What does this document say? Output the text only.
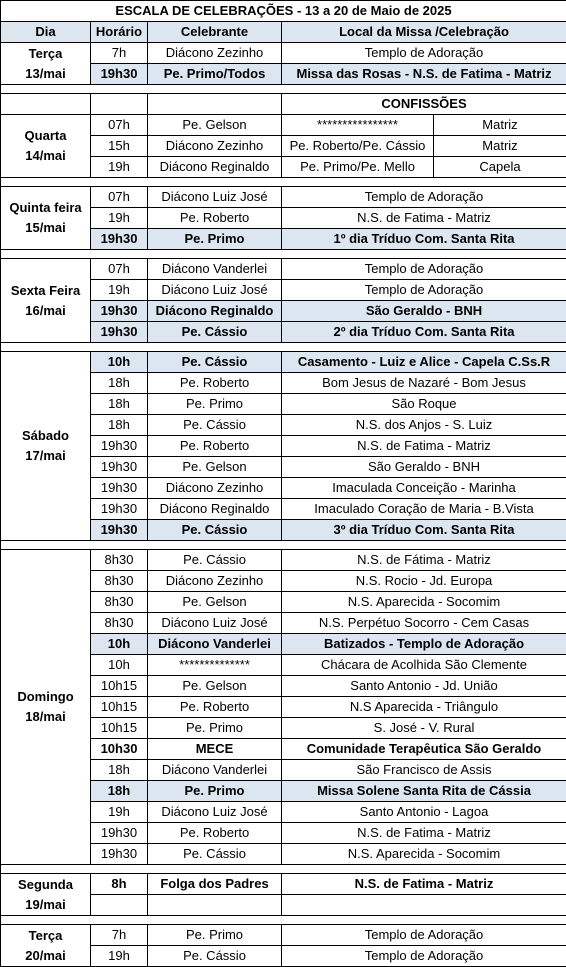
ESCALA DE CELEBRAÇÕES - 13 a 20 de Maio de 2025				
Dia	Horário	Celebrante	Local da Missa /Celebração	

Terça
13/mai	7h	Diácono Zezinho	Templo de Adoração	
	19h30	Pe. Primo/Todos	Missa das Rosas - N.S. de Fatima - Matriz	

			CONFISSÕES	

Quarta
14/mai	07h	Pe. Gelson	****************	Matriz
	15h	Diácono Zezinho	Pe. Roberto/Pe. Cássio	Matriz
	19h	Diácono Reginaldo	Pe. Primo/Pe. Mello	Capela

Quinta feira
15/mai	07h	Diácono Luiz José	Templo de Adoração	
	19h	Pe. Roberto	N.S. de Fatima - Matriz	
	19h30	Pe. Primo	1º dia Tríduo Com. Santa Rita	

Sexta Feira
16/mai	07h	Diácono Vanderlei	Templo de Adoração	
	19h	Diácono Luiz José	Templo de Adoração	
	19h30	Diácono Reginaldo	São Geraldo - BNH	
	19h30	Pe. Cássio	2º dia Tríduo Com. Santa Rita	

Sábado
17/mai	10h	Pe. Cássio	Casamento - Luiz e Alice - Capela C.Ss.R	
	18h	Pe. Roberto	Bom Jesus de Nazaré - Bom Jesus	
	18h	Pe. Primo	São Roque	
	18h	Pe. Cássio	N.S. dos Anjos - S. Luiz	
	19h30	Pe. Roberto	N.S. de Fatima - Matriz	
	19h30	Pe. Gelson	São Geraldo - BNH	
	19h30	Diácono Zezinho	Imaculada Conceição - Marinha	
	19h30	Diácono Reginaldo	Imaculado Coração de Maria - B.Vista	
	19h30	Pe. Cássio	3º dia Tríduo Com. Santa Rita	

Domingo
18/mai	8h30	Pe. Cássio	N.S. de Fátima - Matriz	
	8h30	Diácono Zezinho	N.S. Rocio - Jd. Europa	
	8h30	Pe. Gelson	N.S. Aparecida - Socomim	
	8h30	Diácono Luiz José	N.S. Perpétuo Socorro - Cem Casas	
	10h	Diácono Vanderlei	Batizados - Templo de Adoração	
	10h	**************	Chácara de Acolhida São Clemente	
	10h15	Pe. Gelson	Santo Antonio - Jd. União	
	10h15	Pe. Roberto	N.S Aparecida - Triângulo	
	10h15	Pe. Primo	S. José - V. Rural	
	10h30	MECE	Comunidade Terapêutica São Geraldo	
	18h	Diácono Vanderlei	São Francisco de Assis	
	18h	Pe. Primo	Missa Solene Santa Rita de Cássia	
	19h	Diácono Luiz José	Santo Antonio - Lagoa	
	19h30	Pe. Roberto	N.S. de Fatima - Matriz	
	19h30	Pe. Cássio	N.S. Aparecida - Socomim	

Segunda
19/mai	8h	Folga dos Padres	N.S. de Fatima - Matriz	

Terça
20/mai	7h	Pe. Primo	Templo de Adoração	
	19h	Pe. Cássio	Templo de Adoração	
